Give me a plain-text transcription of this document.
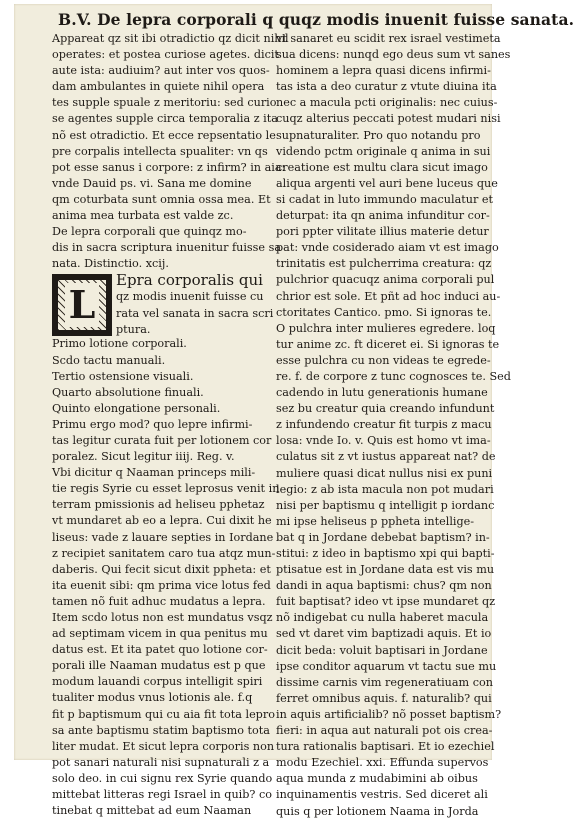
B.V. De lepra corporali q quqz modis inuenit fuisse sanata.
Appareat qz sit ibi otradictio qz dicit nihil
operates: et postea curiose agetes. dicit
aute ista: audiuim? aut inter vos quos-
dam ambulantes in quiete nihil opera
tes supple spuale z meritoriu: sed curio
se agentes supple circa temporalia z ita
nõ est otradictio. Et ecce repsentatio le
pre corpalis intellecta spualiter: vn qs
pot esse sanus i corpore: z infirm? in aia:
vnde Dauid ps. vi. Sana me domine
qm coturbata sunt omnia ossa mea. Et
anima mea turbata est valde zc.
De lepra corporali que quinqz mo-
dis in sacra scriptura inuenitur fuisse sa
nata. Distinctio. xcij.
L
Epra corporalis qui
qz modis inuenit fuisse cu
rata vel sanata in sacra scri
ptura.
Primo lotione corporali.
Scdo tactu manuali.
Tertio ostensione visuali.
Quarto absolutione finuali.
Quinto elongatione personali.
Primu ergo mod? quo lepre infirmi-
tas legitur curata fuit per lotionem cor
poralez. Sicut legitur iiij. Reg. v.
Vbi dicitur q Naaman princeps mili-
tie regis Syrie cu esset leprosus venit in
terram pmissionis ad heliseu pphetaz
vt mundaret ab eo a lepra. Cui dixit he
liseus: vade z lauare septies in Iordane
z recipiet sanitatem caro tua atqz mun-
daberis. Qui fecit sicut dixit ppheta: et
ita euenit sibi: qm prima vice lotus fed
tamen nõ fuit adhuc mudatus a lepra.
Item scdo lotus non est mundatus vsqz
ad septimam vicem in qua penitus mu
datus est. Et ita patet quo lotione cor-
porali ille Naaman mudatus est p que
modum lauandi corpus intelligit spiri
tualiter modus vnus lotionis ale. f.q
fit p baptismum qui cu aia fit tota lepro
sa ante baptismu statim baptismo tota
liter mudat. Et sicut lepra corporis non
pot sanari naturali nisi supnaturali z a
solo deo. in cui signu rex Syrie quando
mittebat litteras regi Israel in quib? co
tinebat q mittebat ad eum Naaman
vt sanaret eu scidit rex israel vestimeta
sua dicens: nunqd ego deus sum vt sanes
hominem a lepra quasi dicens infirmi-
tas ista a deo curatur z vtute diuina ita
nec a macula pcti originalis: nec cuius-
cuqz alterius peccati potest mudari nisi
supnaturaliter. Pro quo notandu pro
videndo pctm originale q anima in sui
creatione est multu clara sicut imago
aliqua argenti vel auri bene luceus que
si cadat in luto immundo maculatur et
deturpat: ita qn anima infunditur cor-
pori ppter vilitate illius materie detur
pat: vnde cosiderado aiam vt est imago
trinitatis est pulcherrima creatura: qz
pulchrior quacuqz anima corporali pul
chrior est sole. Et pñt ad hoc induci au-
ctoritates Cantico. pmo. Si ignoras te.
O pulchra inter mulieres egredere. loq
tur anime zc. ft diceret ei. Si ignoras te
esse pulchra cu non videas te egrede-
re. f. de corpore z tunc cognosces te. Sed
cadendo in lutu generationis humane
sez bu creatur quia creando infundunt
z infundendo creatur fit turpis z macu
losa: vnde Io. v. Quis est homo vt ima-
culatus sit z vt iustus appareat nat? de
muliere quasi dicat nullus nisi ex puni
legio: z ab ista macula non pot mudari
nisi per baptismu q intelligit p iordanc
mi ipse heliseus p ppheta intellige-
bat q in Jordane debebat baptism? in-
stitui: z ideo in baptismo xpi qui bapti-
ptisatue est in Jordane data est vis mu
dandi in aqua baptismi: chus? qm non
fuit baptisat? ideo vt ipse mundaret qz
nõ indigebat cu nulla haberet macula
sed vt daret vim baptizadi aquis. Et io
dicit beda: voluit baptisari in Jordane
ipse conditor aquarum vt tactu sue mu
dissime carnis vim regeneratiuam con
ferret omnibus aquis. f. naturalib? qui
in aquis artificialib? nõ posset baptism?
fieri: in aqua aut naturali pot ois crea-
tura rationalis baptisari. Et io ezechiel
modu Ezechiel. xxi. Effunda supervos
aqua munda z mudabimini ab oibus
inquinamentis vestris. Sed diceret ali
quis q per lotionem Naama in Jorda
